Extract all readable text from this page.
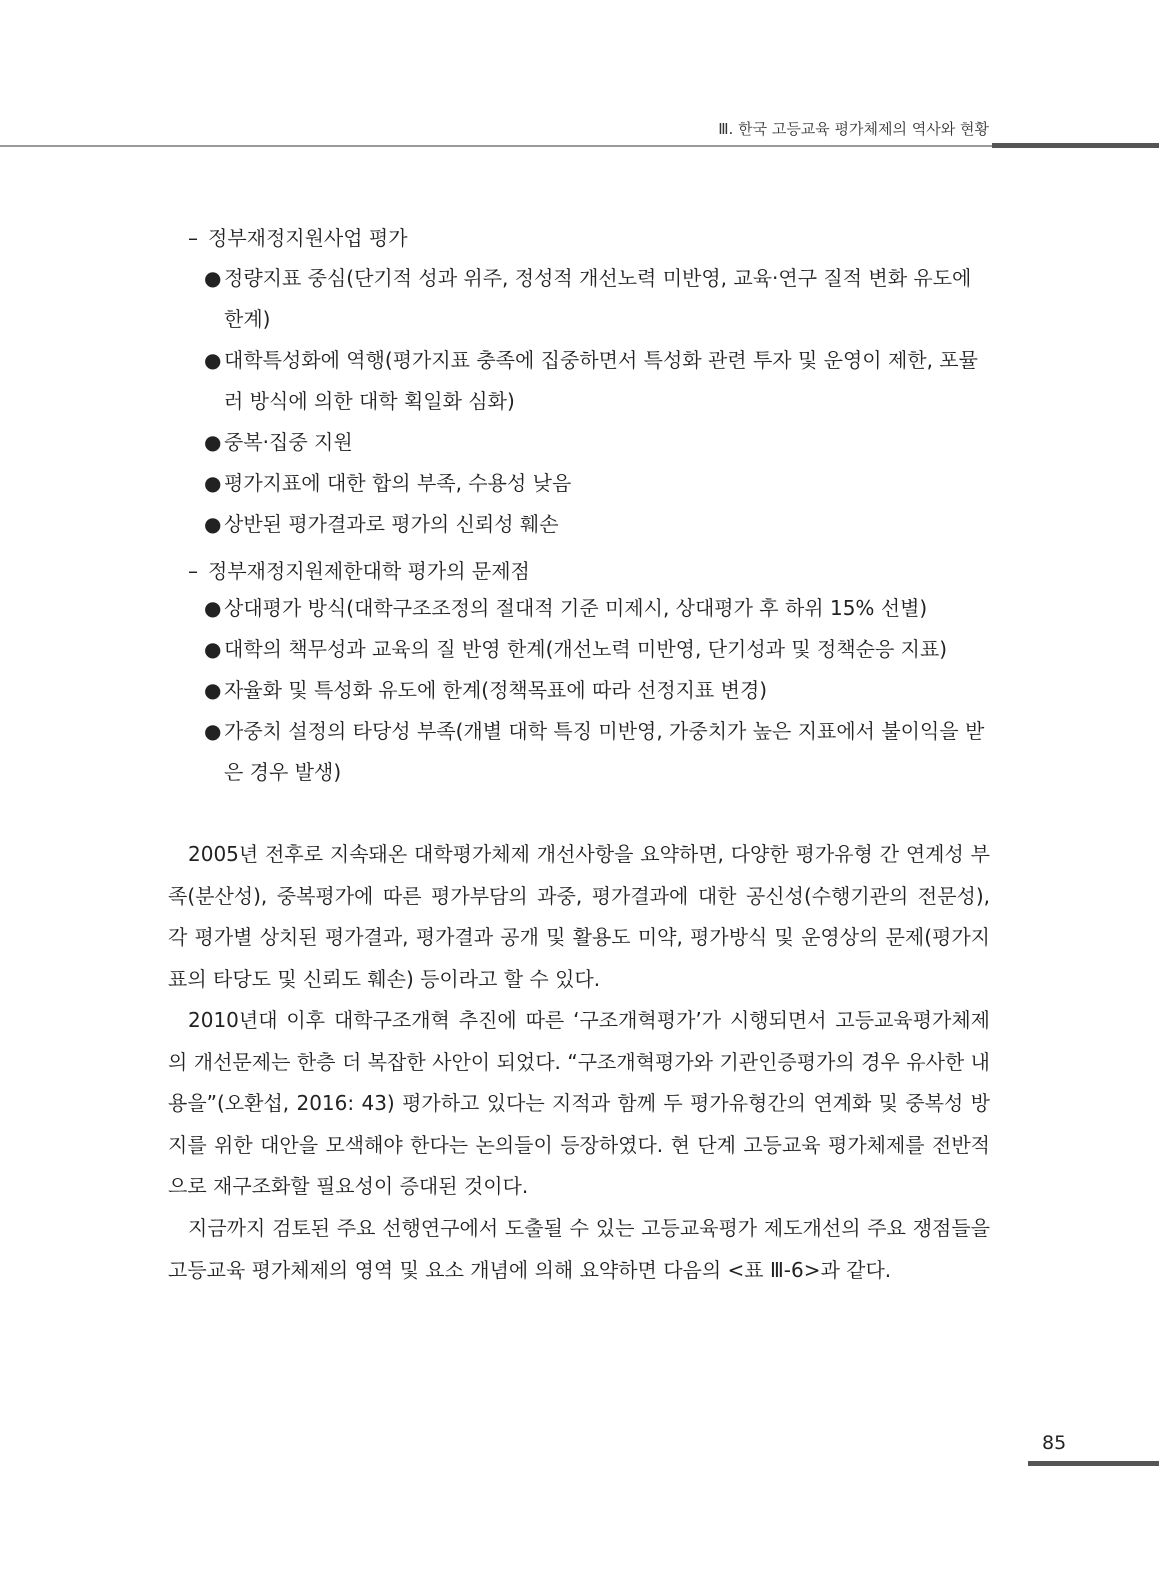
Ⅲ. 한국 고등교육 평가체제의 역사와 현황
– 정부재정지원사업 평가
● 정량지표 중심(단기적 성과 위주, 정성적 개선노력 미반영, 교육·연구 질적 변화 유도에 한계)
● 대학특성화에 역행(평가지표 충족에 집중하면서 특성화 관련 투자 및 운영이 제한, 포뮬러 방식에 의한 대학 획일화 심화)
● 중복·집중 지원
● 평가지표에 대한 합의 부족, 수용성 낮음
● 상반된 평가결과로 평가의 신뢰성 훼손
– 정부재정지원제한대학 평가의 문제점
● 상대평가 방식(대학구조조정의 절대적 기준 미제시, 상대평가 후 하위 15% 선별)
● 대학의 책무성과 교육의 질 반영 한계(개선노력 미반영, 단기성과 및 정책순응 지표)
● 자율화 및 특성화 유도에 한계(정책목표에 따라 선정지표 변경)
● 가중치 설정의 타당성 부족(개별 대학 특징 미반영, 가중치가 높은 지표에서 불이익을 받은 경우 발생)
2005년 전후로 지속돼온 대학평가체제 개선사항을 요약하면, 다양한 평가유형 간 연계성 부족(분산성), 중복평가에 따른 평가부담의 과중, 평가결과에 대한 공신성(수행기관의 전문성), 각 평가별 상치된 평가결과, 평가결과 공개 및 활용도 미약, 평가방식 및 운영상의 문제(평가지표의 타당도 및 신뢰도 훼손) 등이라고 할 수 있다.
2010년대 이후 대학구조개혁 추진에 따른 ‘구조개혁평가’가 시행되면서 고등교육평가체제의 개선문제는 한층 더 복잡한 사안이 되었다. “구조개혁평가와 기관인증평가의 경우 유사한 내용을”(오환섭, 2016: 43) 평가하고 있다는 지적과 함께 두 평가유형간의 연계화 및 중복성 방지를 위한 대안을 모색해야 한다는 논의들이 등장하였다. 현 단계 고등교육 평가체제를 전반적으로 재구조화할 필요성이 증대된 것이다.
지금까지 검토된 주요 선행연구에서 도출될 수 있는 고등교육평가 제도개선의 주요 쟁점들을 고등교육 평가체제의 영역 및 요소 개념에 의해 요약하면 다음의 <표 Ⅲ-6>과 같다.
85
